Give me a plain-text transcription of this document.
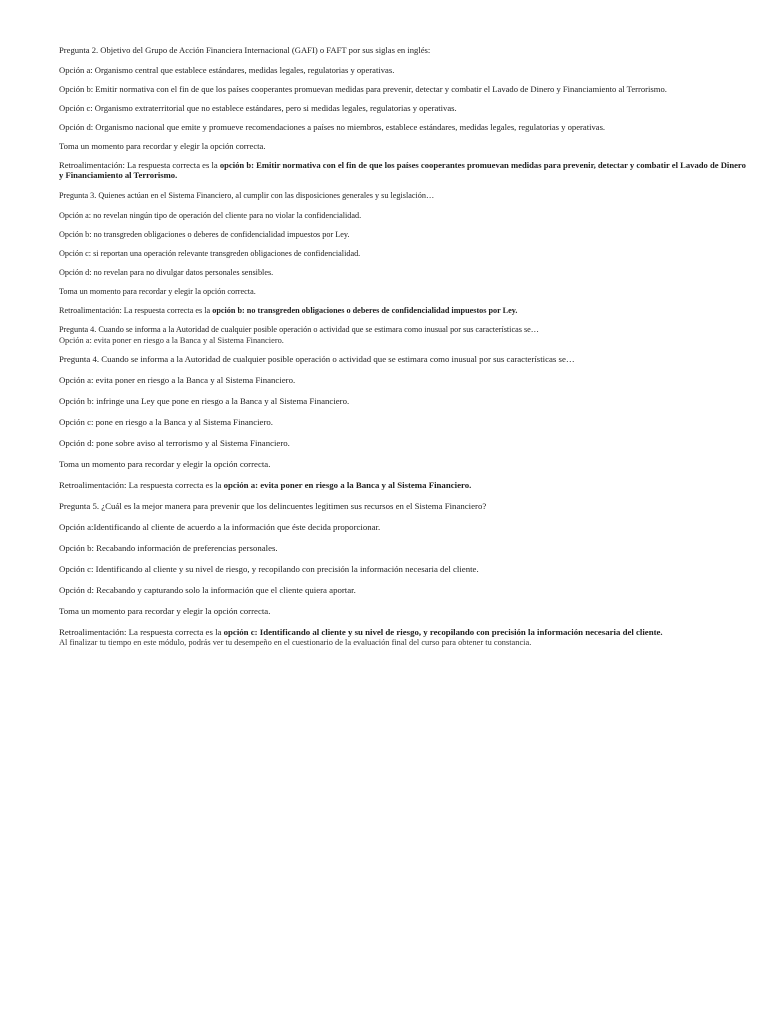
Pregunta 2. Objetivo del Grupo de Acción Financiera Internacional (GAFI) o FAFT por sus siglas en inglés:

Opción a: Organismo central que establece estándares, medidas legales, regulatorias y operativas.

Opción b: Emitir normativa con el fin de que los países cooperantes promuevan medidas para prevenir, detectar y combatir el Lavado de Dinero y Financiamiento al Terrorismo.

Opción c: Organismo extraterritorial que no establece estándares, pero si medidas legales, regulatorias y operativas.

Opción d: Organismo nacional que emite y promueve recomendaciones a países no miembros, establece estándares, medidas legales, regulatorias y operativas.

Toma un momento para recordar y elegir la opción correcta.

Retroalimentación: La respuesta correcta es la opción b: Emitir normativa con el fin de que los países cooperantes promuevan medidas para prevenir, detectar y combatir el Lavado de Dinero y Financiamiento al Terrorismo.

Pregunta 3. Quienes actúan en el Sistema Financiero, al cumplir con las disposiciones generales y su legislación…

Opción a: no revelan ningún tipo de operación del cliente para no violar la confidencialidad.

Opción b: no transgreden obligaciones o deberes de confidencialidad impuestos por Ley.

Opción c: si reportan una operación relevante transgreden obligaciones de confidencialidad.

Opción d: no revelan para no divulgar datos personales sensibles.

Toma un momento para recordar y elegir la opción correcta.

Retroalimentación: La respuesta correcta es la opción b: no transgreden obligaciones o deberes de confidencialidad impuestos por Ley.

Pregunta 4. Cuando se informa a la Autoridad de cualquier posible operación o actividad que se estimara como inusual por sus características se…

Opción a: evita poner en riesgo a la Banca y al Sistema Financiero.

Pregunta 4. Cuando se informa a la Autoridad de cualquier posible operación o actividad que se estimara como inusual por sus características se…

Opción a: evita poner en riesgo a la Banca y al Sistema Financiero.

Opción b: infringe una Ley que pone en riesgo a la Banca y al Sistema Financiero.

Opción c: pone en riesgo a la Banca y al Sistema Financiero.

Opción d: pone sobre aviso al terrorismo y al Sistema Financiero.

Toma un momento para recordar y elegir la opción correcta.

Retroalimentación: La respuesta correcta es la opción a: evita poner en riesgo a la Banca y al Sistema Financiero.

Pregunta 5. ¿Cuál es la mejor manera para prevenir que los delincuentes legitimen sus recursos en el Sistema Financiero?

Opción a:Identificando al cliente de acuerdo a la información que éste decida proporcionar.

Opción b: Recabando información de preferencias personales.

Opción c: Identificando al cliente y su nivel de riesgo, y recopilando con precisión la información necesaria del cliente.

Opción d: Recabando y capturando solo la información que el cliente quiera aportar.

Toma un momento para recordar y elegir la opción correcta.

Retroalimentación: La respuesta correcta es la opción c: Identificando al cliente y su nivel de riesgo, y recopilando con precisión la información necesaria del cliente.

Al finalizar tu tiempo en este módulo, podrás ver tu desempeño en el cuestionario de la evaluación final del curso para obtener tu constancia.
